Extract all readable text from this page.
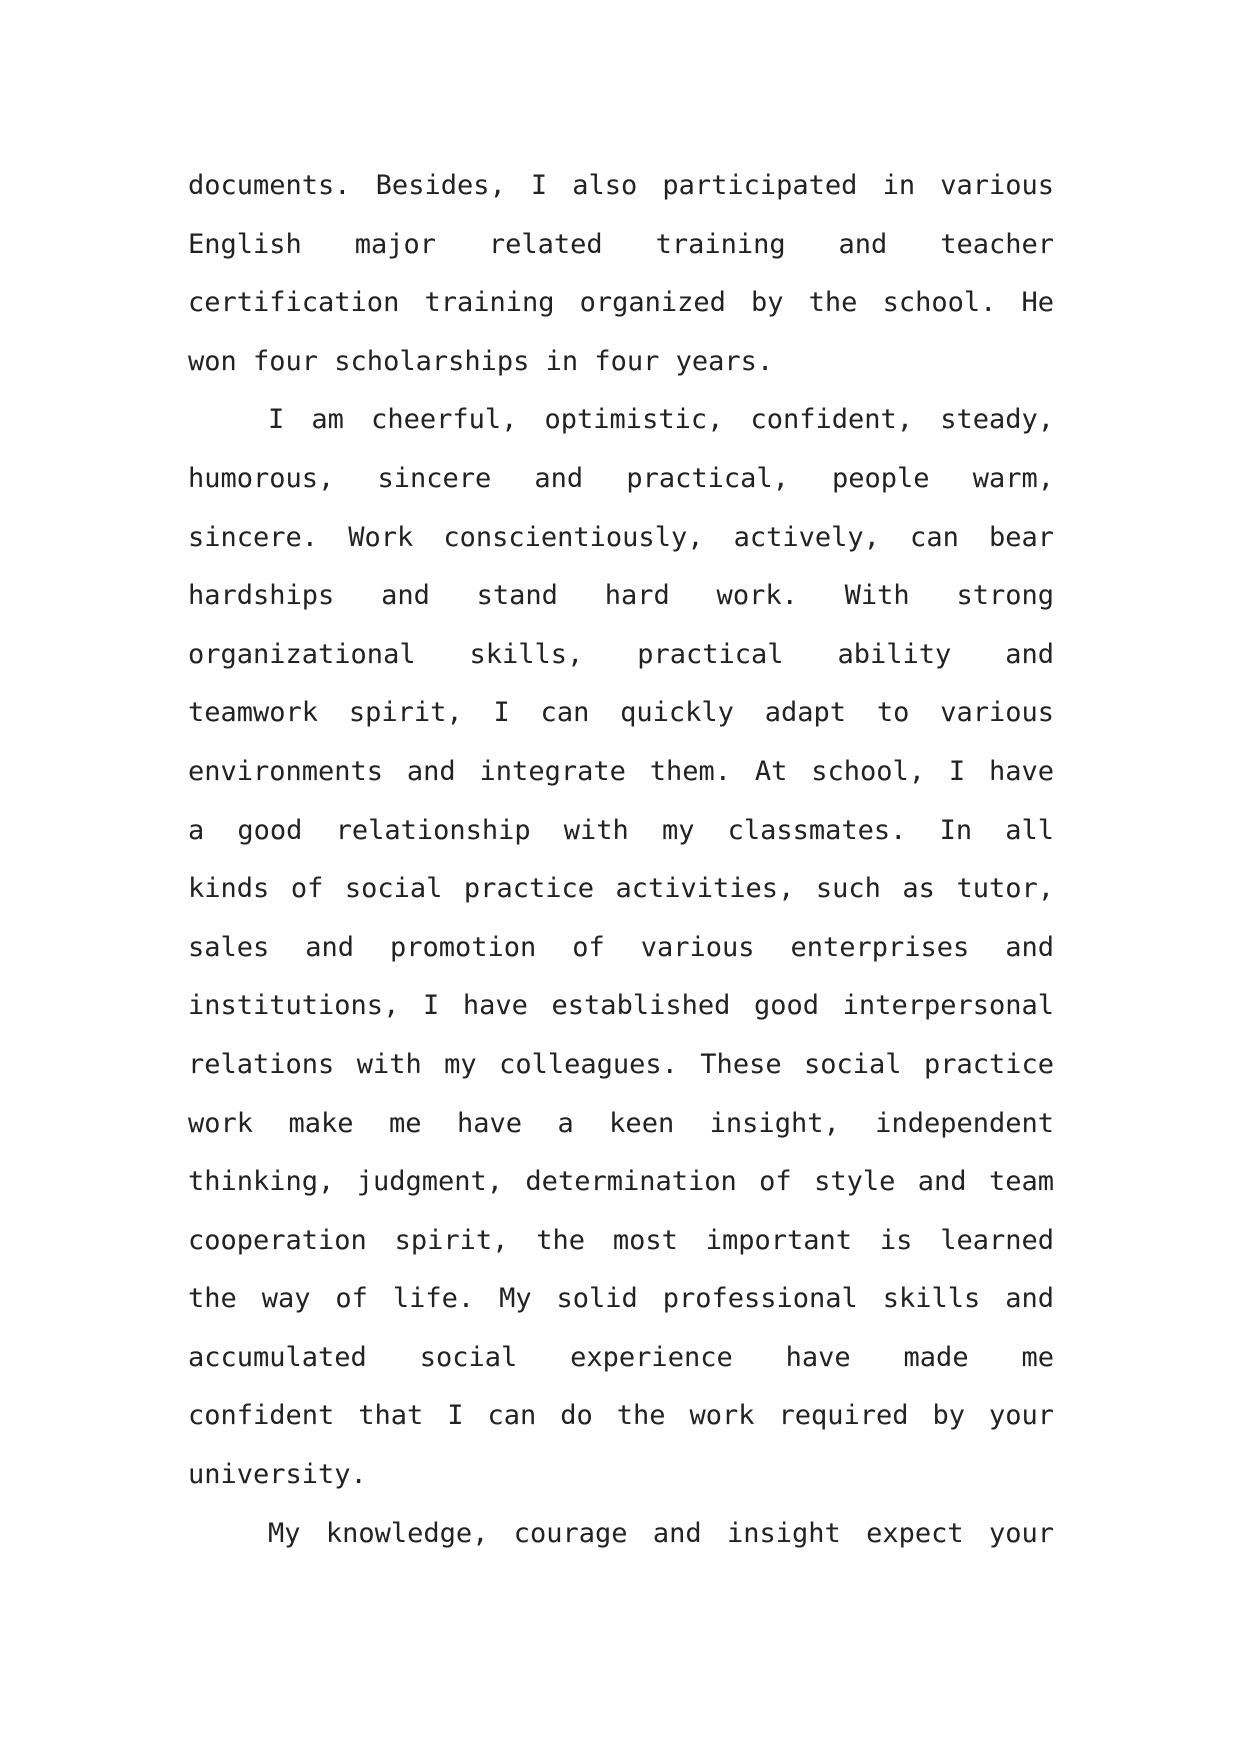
documents. Besides, I also participated in various
English major related training and teacher
certification training organized by the school. He
won four scholarships in four years.
I am cheerful, optimistic, confident, steady,
humorous, sincere and practical, people warm,
sincere. Work conscientiously, actively, can bear
hardships and stand hard work. With strong
organizational skills, practical ability and
teamwork spirit, I can quickly adapt to various
environments and integrate them. At school, I have
a good relationship with my classmates. In all
kinds of social practice activities, such as tutor,
sales and promotion of various enterprises and
institutions, I have established good interpersonal
relations with my colleagues. These social practice
work make me have a keen insight, independent
thinking, judgment, determination of style and team
cooperation spirit, the most important is learned
the way of life. My solid professional skills and
accumulated social experience have made me
confident that I can do the work required by your
university.
My knowledge, courage and insight expect your
